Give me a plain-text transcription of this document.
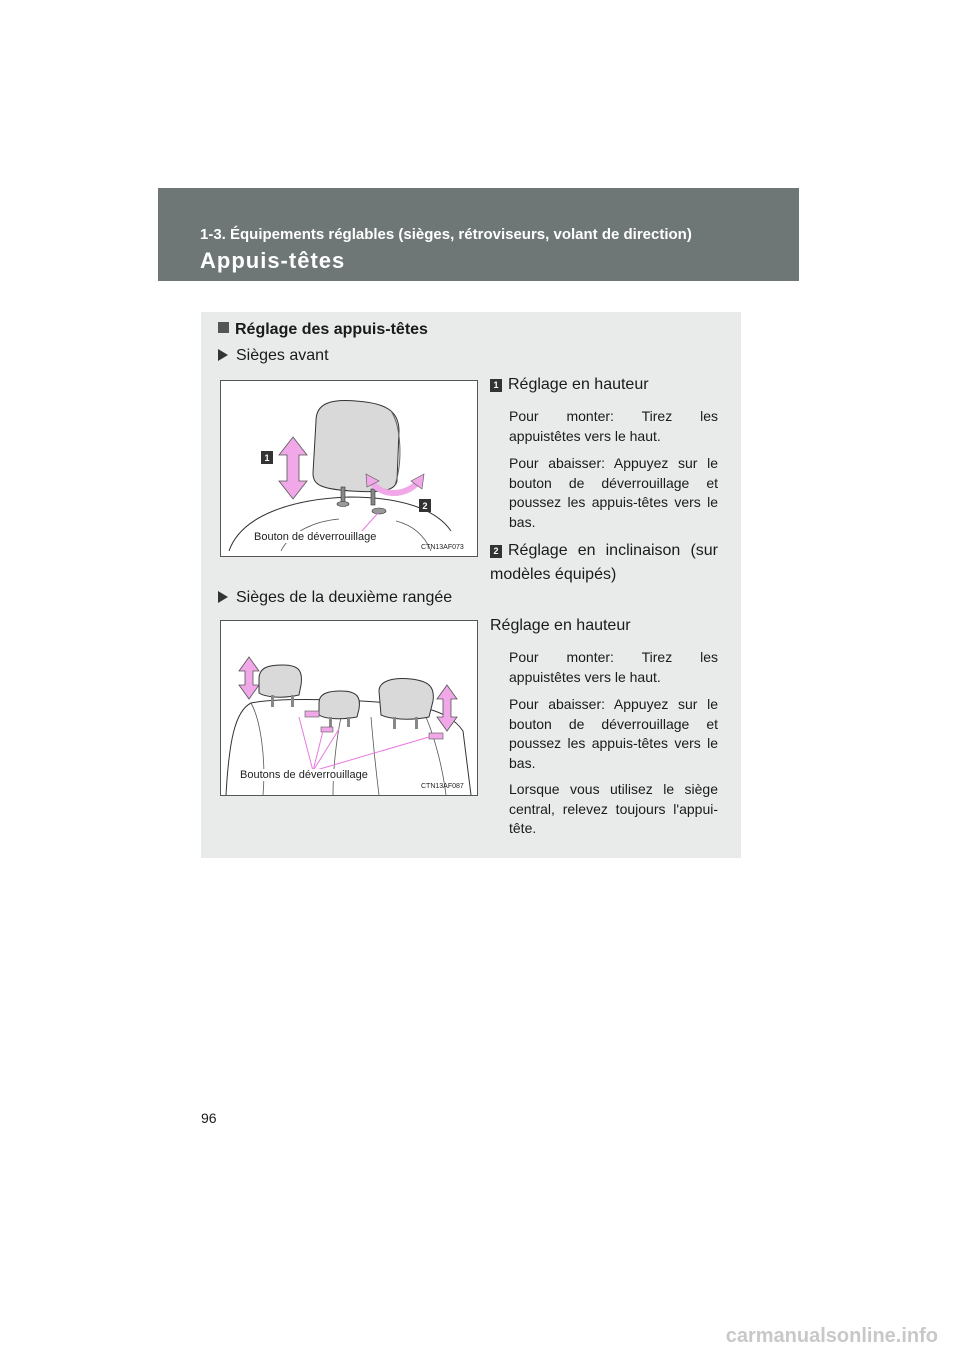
1-3. Équipements réglables (sièges, rétroviseurs, volant de direction)
Appuis-têtes
Réglage des appuis-têtes
Sièges avant
1
2
Bouton de déverrouillage
CTN13AF073
1 Réglage en hauteur
Pour monter: Tirez les appuistêtes vers le haut.
Pour abaisser: Appuyez sur le bouton de déverrouillage et poussez les appuis-têtes vers le bas.
2 Réglage en inclinaison (sur modèles équipés)
Sièges de la deuxième rangée
Boutons de déverrouillage
CTN13AF087
Réglage en hauteur
Pour monter: Tirez les appuistêtes vers le haut.
Pour abaisser: Appuyez sur le bouton de déverrouillage et poussez les appuis-têtes vers le bas.
Lorsque vous utilisez le siège central, relevez toujours l'appui-tête.
96
carmanualsonline.info
